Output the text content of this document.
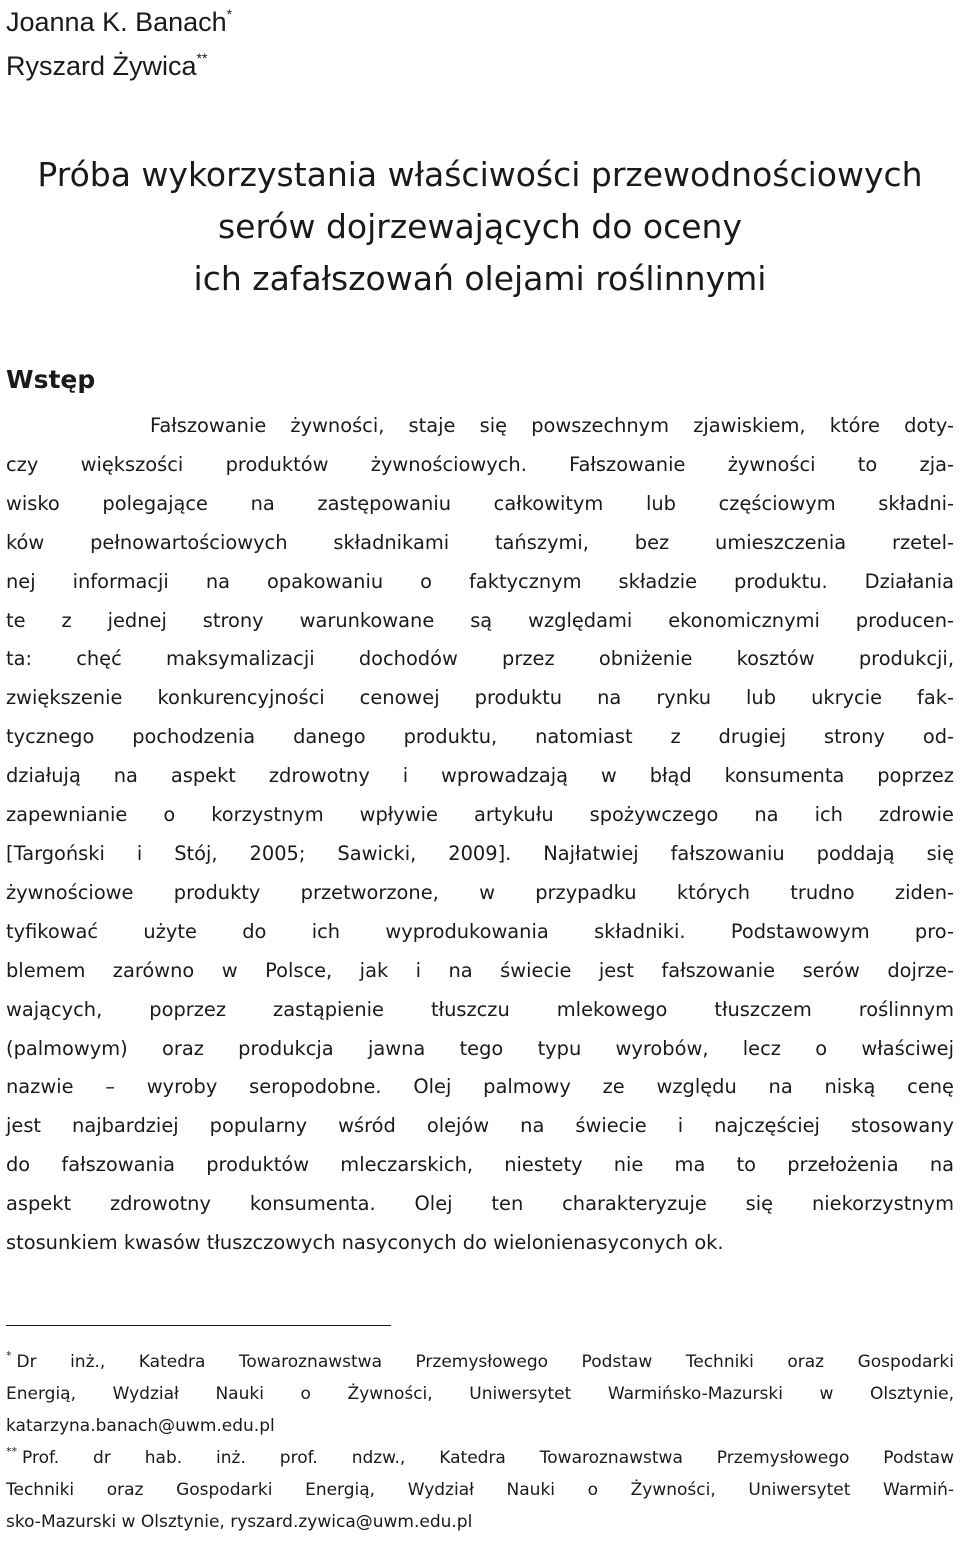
Joanna K. Banach*
Ryszard Żywica**
Próba wykorzystania właściwości przewodnościowych
serów dojrzewających do oceny
ich zafałszowań olejami roślinnymi
Wstęp
Fałszowanie żywności, staje się powszechnym zjawiskiem, które doty-
czy większości produktów żywnościowych. Fałszowanie żywności to zja-
wisko polegające na zastępowaniu całkowitym lub częściowym składni-
ków pełnowartościowych składnikami tańszymi, bez umieszczenia rzetel-
nej informacji na opakowaniu o faktycznym składzie produktu. Działania
te z jednej strony warunkowane są względami ekonomicznymi producen-
ta: chęć maksymalizacji dochodów przez obniżenie kosztów produkcji,
zwiększenie konkurencyjności cenowej produktu na rynku lub ukrycie fak-
tycznego pochodzenia danego produktu, natomiast z drugiej strony od-
działują na aspekt zdrowotny i wprowadzają w błąd konsumenta poprzez
zapewnianie o korzystnym wpływie artykułu spożywczego na ich zdrowie
[Targoński i Stój, 2005; Sawicki, 2009]. Najłatwiej fałszowaniu poddają się
żywnościowe produkty przetworzone, w przypadku których trudno ziden-
tyfikować użyte do ich wyprodukowania składniki. Podstawowym pro-
blemem zarówno w Polsce, jak i na świecie jest fałszowanie serów dojrze-
wających, poprzez zastąpienie tłuszczu mlekowego tłuszczem roślinnym
(palmowym) oraz produkcja jawna tego typu wyrobów, lecz o właściwej
nazwie – wyroby seropodobne. Olej palmowy ze względu na niską cenę
jest najbardziej popularny wśród olejów na świecie i najczęściej stosowany
do fałszowania produktów mleczarskich, niestety nie ma to przełożenia na
aspekt zdrowotny konsumenta. Olej ten charakteryzuje się niekorzystnym
stosunkiem kwasów tłuszczowych nasyconych do wielonienasyconych ok.
* Dr inż., Katedra Towaroznawstwa Przemysłowego Podstaw Techniki oraz Gospodarki
Energią, Wydział Nauki o Żywności, Uniwersytet Warmińsko-Mazurski w Olsztynie,
katarzyna.banach@uwm.edu.pl
** Prof. dr hab. inż. prof. ndzw., Katedra Towaroznawstwa Przemysłowego Podstaw
Techniki oraz Gospodarki Energią, Wydział Nauki o Żywności, Uniwersytet Warmiń-
sko-Mazurski w Olsztynie, ryszard.zywica@uwm.edu.pl
